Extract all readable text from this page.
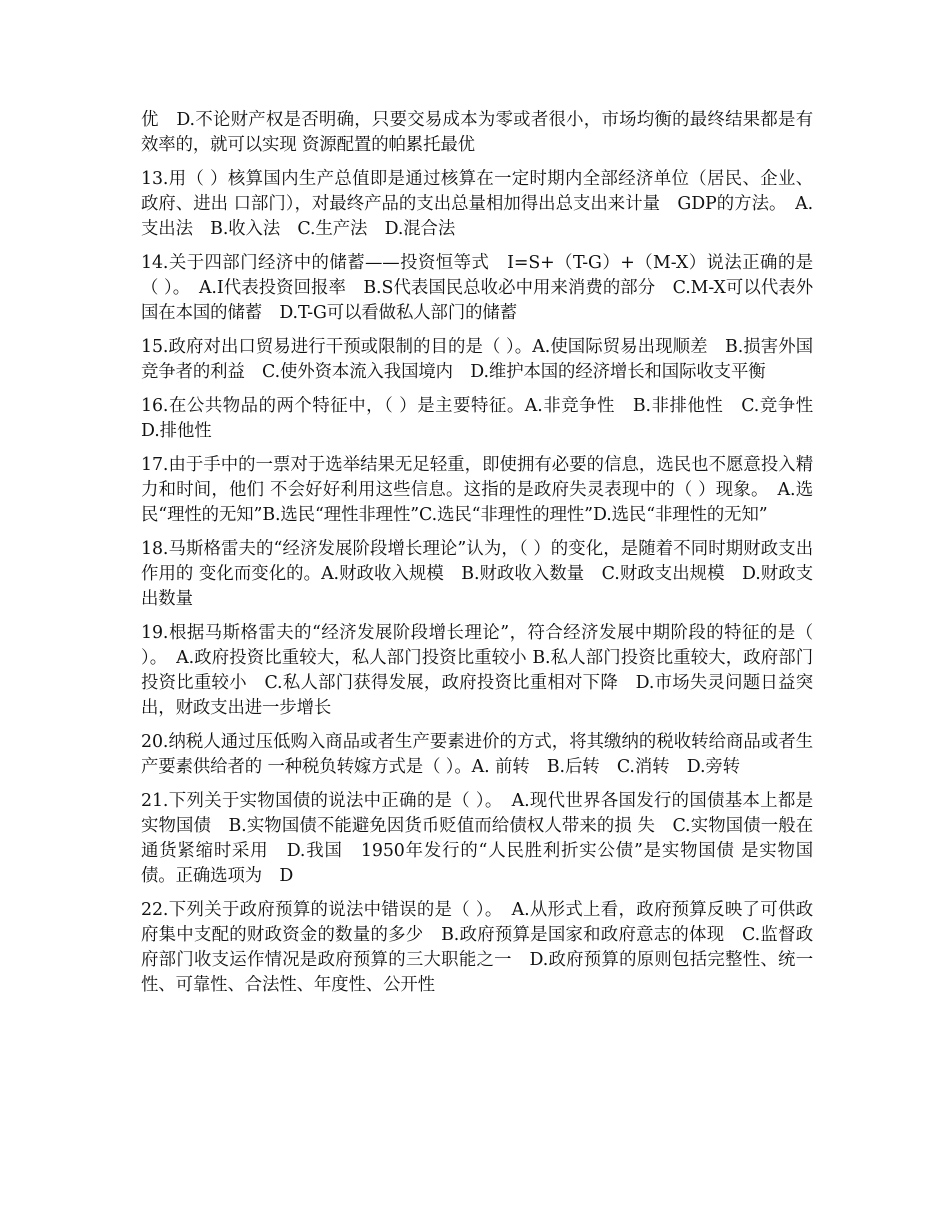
优　D.不论财产权是否明确，只要交易成本为零或者很小，市场均衡的最终结果都是有效率的，就可以实现 资源配置的帕累托最优

13.用（ ）核算国内生产总值即是通过核算在一定时期内全部经济单位（居民、企业、政府、进出 口部门），对最终产品的支出总量相加得出总支出来计量　GDP的方法。　A.支出法　B.收入法　C.生产法　D.混合法

14.关于四部门经济中的储蓄——投资恒等式　I=S+（T-G）+（M-X）说法正确的是（ ）。　A.I代表投资回报率　B.S代表国民总收必中用来消费的部分　C.M-X可以代表外国在本国的储蓄　D.T-G可以看做私人部门的储蓄

15.政府对出口贸易进行干预或限制的目的是（ ）。A.使国际贸易出现顺差　B.损害外国竞争者的利益　C.使外资本流入我国境内　D.维护本国的经济增长和国际收支平衡

16.在公共物品的两个特征中，（ ）是主要特征。A.非竞争性　B.非排他性　C.竞争性 D.排他性

17.由于手中的一票对于选举结果无足轻重，即使拥有必要的信息，选民也不愿意投入精力和时间，他们 不会好好利用这些信息。这指的是政府失灵表现中的（ ）现象。　A.选民“理性的无知”B.选民“理性非理性”C.选民“非理性的理性”D.选民“非理性的无知”

18.马斯格雷夫的“经济发展阶段增长理论”认为，（ ）的变化，是随着不同时期财政支出作用的 变化而变化的。A.财政收入规模　B.财政收入数量　C.财政支出规模　D.财政支出数量

19.根据马斯格雷夫的“经济发展阶段增长理论”，符合经济发展中期阶段的特征的是（ ）。　A.政府投资比重较大，私人部门投资比重较小 B.私人部门投资比重较大，政府部门投资比重较小　C.私人部门获得发展，政府投资比重相对下降　D.市场失灵问题日益突出，财政支出进一步增长

20.纳税人通过压低购入商品或者生产要素进价的方式，将其缴纳的税收转给商品或者生产要素供给者的 一种税负转嫁方式是（ ）。A. 前转　B.后转　C.消转　D.旁转

21.下列关于实物国债的说法中正确的是（ ）。　A.现代世界各国发行的国债基本上都是实物国债　B.实物国债不能避免因货币贬值而给债权人带来的损 失　C.实物国债一般在通货紧缩时采用　D.我国　1950年发行的“人民胜利折实公债”是实物国债 是实物国债。正确选项为　D

22.下列关于政府预算的说法中错误的是（ ）。　A.从形式上看，政府预算反映了可供政府集中支配的财政资金的数量的多少　B.政府预算是国家和政府意志的体现　C.监督政府部门收支运作情况是政府预算的三大职能之一　D.政府预算的原则包括完整性、统一性、可靠性、合法性、年度性、公开性
